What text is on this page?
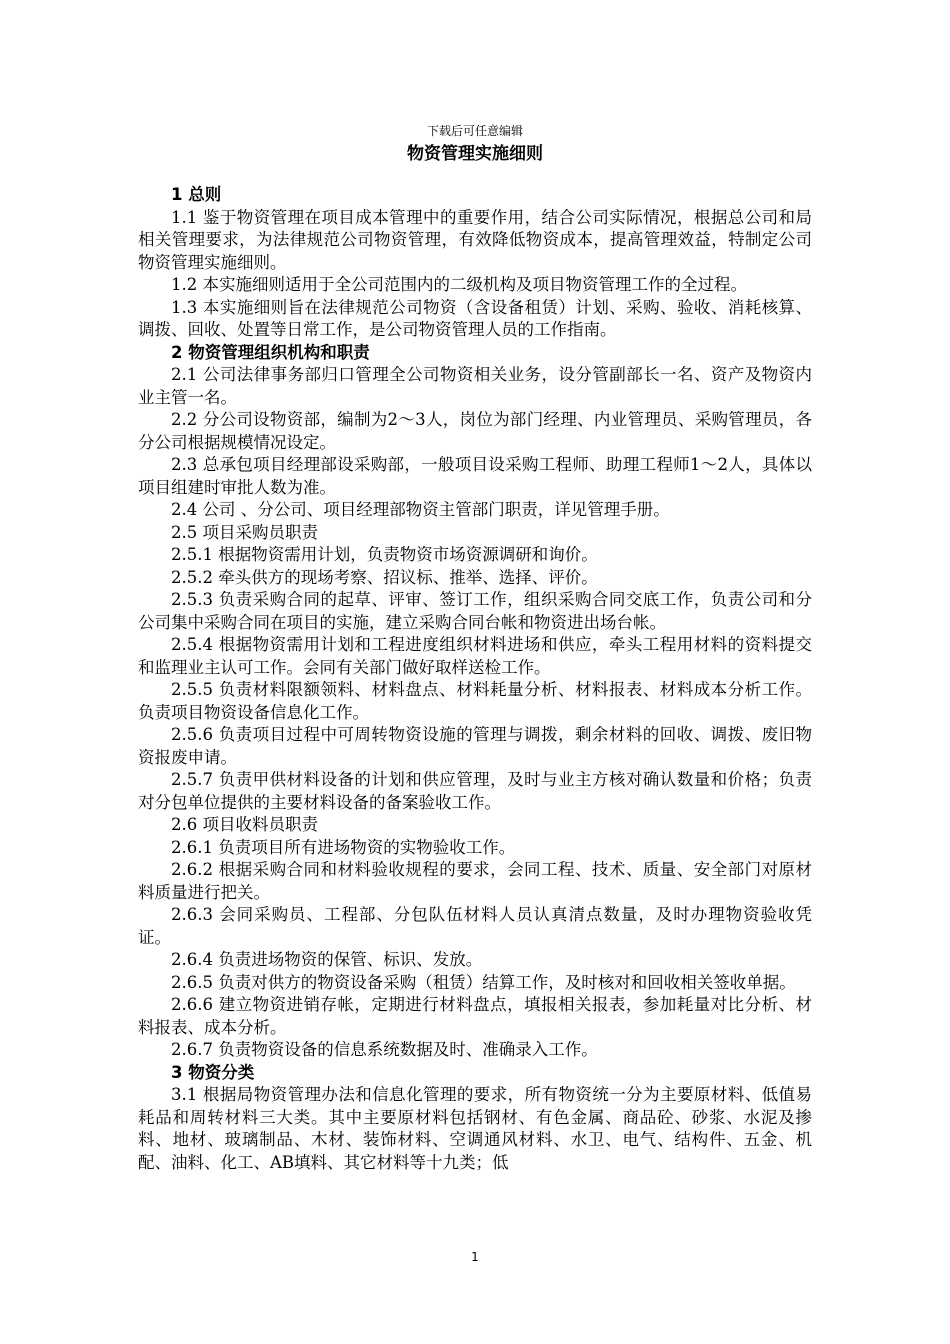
下载后可任意编辑
物资管理实施细则

1 总则

1.1 鉴于物资管理在项目成本管理中的重要作用，结合公司实际情况，根据总公司和局相关管理要求，为法律规范公司物资管理，有效降低物资成本，提高管理效益，特制定公司物资管理实施细则。

1.2 本实施细则适用于全公司范围内的二级机构及项目物资管理工作的全过程。

1.3 本实施细则旨在法律规范公司物资（含设备租赁）计划、采购、验收、消耗核算、调拨、回收、处置等日常工作，是公司物资管理人员的工作指南。

2 物资管理组织机构和职责

2.1 公司法律事务部归口管理全公司物资相关业务，设分管副部长一名、资产及物资内业主管一名。

2.2 分公司设物资部，编制为2～3人，岗位为部门经理、内业管理员、采购管理员，各分公司根据规模情况设定。

2.3 总承包项目经理部设采购部，一般项目设采购工程师、助理工程师1～2人，具体以项目组建时审批人数为准。

2.4 公司 、分公司、项目经理部物资主管部门职责，详见管理手册。

2.5 项目采购员职责

2.5.1 根据物资需用计划，负责物资市场资源调研和询价。

2.5.2 牵头供方的现场考察、招议标、推举、选择、评价。

2.5.3 负责采购合同的起草、评审、签订工作，组织采购合同交底工作，负责公司和分公司集中采购合同在项目的实施，建立采购合同台帐和物资进出场台帐。

2.5.4 根据物资需用计划和工程进度组织材料进场和供应，牵头工程用材料的资料提交和监理业主认可工作。会同有关部门做好取样送检工作。

2.5.5 负责材料限额领料、材料盘点、材料耗量分析、材料报表、材料成本分析工作。负责项目物资设备信息化工作。

2.5.6 负责项目过程中可周转物资设施的管理与调拨，剩余材料的回收、调拨、废旧物资报废申请。

2.5.7 负责甲供材料设备的计划和供应管理，及时与业主方核对确认数量和价格；负责对分包单位提供的主要材料设备的备案验收工作。

2.6 项目收料员职责

2.6.1 负责项目所有进场物资的实物验收工作。

2.6.2 根据采购合同和材料验收规程的要求，会同工程、技术、质量、安全部门对原材料质量进行把关。

2.6.3 会同采购员、工程部、分包队伍材料人员认真清点数量，及时办理物资验收凭证。

2.6.4 负责进场物资的保管、标识、发放。

2.6.5 负责对供方的物资设备采购（租赁）结算工作，及时核对和回收相关签收单据。

2.6.6 建立物资进销存帐，定期进行材料盘点，填报相关报表，参加耗量对比分析、材料报表、成本分析。

2.6.7 负责物资设备的信息系统数据及时、准确录入工作。

3 物资分类

3.1 根据局物资管理办法和信息化管理的要求，所有物资统一分为主要原材料、低值易耗品和周转材料三大类。其中主要原材料包括钢材、有色金属、商品砼、砂浆、水泥及掺料、地材、玻璃制品、木材、装饰材料、空调通风材料、水卫、电气、结构件、五金、机配、油料、化工、AB填料、其它材料等十九类；低

1
